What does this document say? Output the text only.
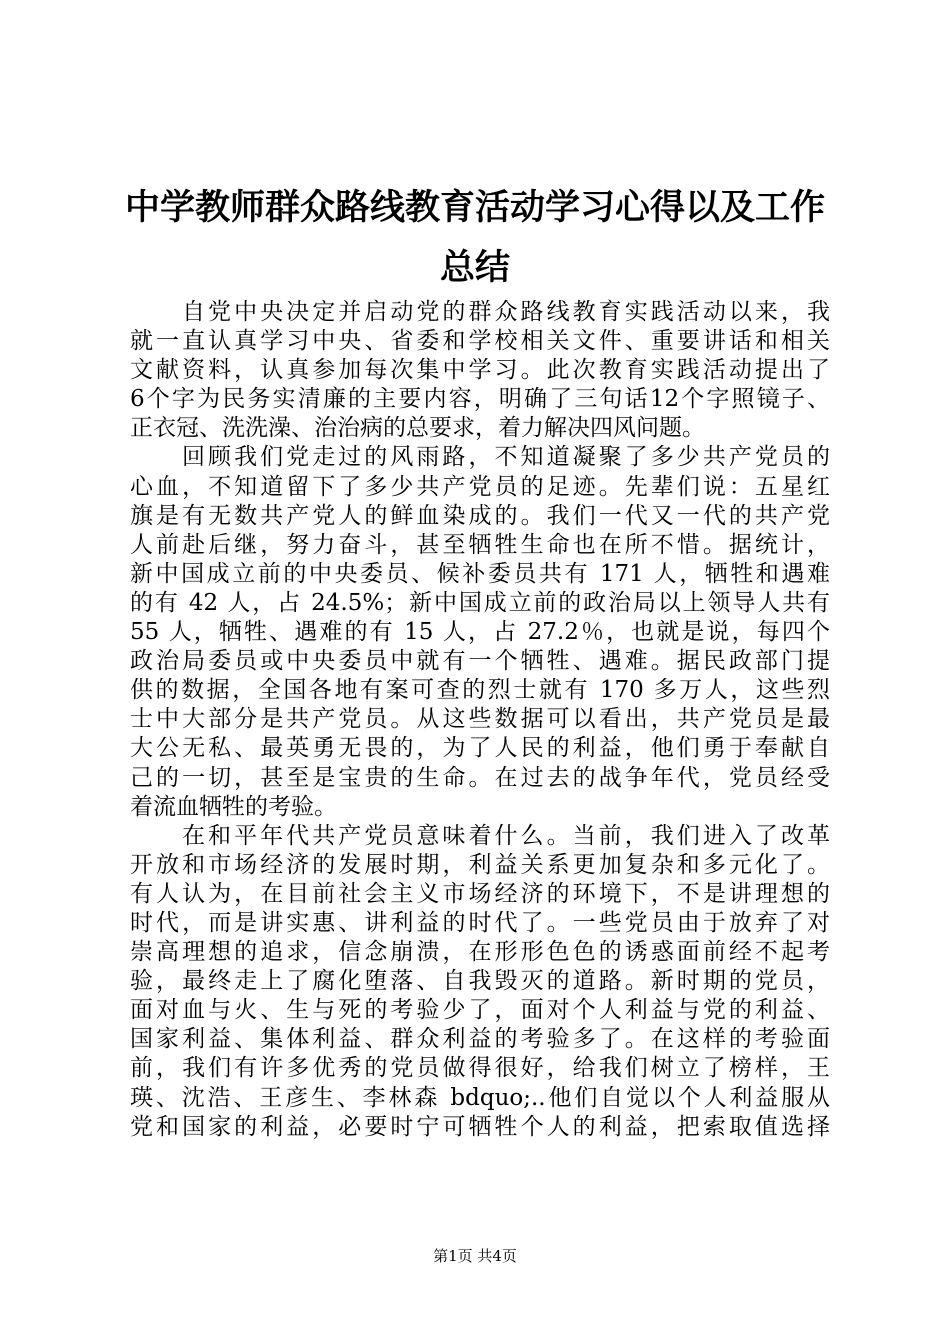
中学教师群众路线教育活动学习心得以及工作
总结
自党中央决定并启动党的群众路线教育实践活动以来，我
就一直认真学习中央、省委和学校相关文件、重要讲话和相关
文献资料，认真参加每次集中学习。此次教育实践活动提出了
6个字为民务实清廉的主要内容，明确了三句话12个字照镜子、
正衣冠、洗洗澡、治治病的总要求，着力解决四风问题。
回顾我们党走过的风雨路，不知道凝聚了多少共产党员的
心血，不知道留下了多少共产党员的足迹。先辈们说：五星红
旗是有无数共产党人的鲜血染成的。我们一代又一代的共产党
人前赴后继，努力奋斗，甚至牺牲生命也在所不惜。据统计，
新中国成立前的中央委员、候补委员共有 171 人，牺牲和遇难
的有 42 人，占 24.5%；新中国成立前的政治局以上领导人共有
55 人，牺牲、遇难的有 15 人，占 27.2％，也就是说，每四个
政治局委员或中央委员中就有一个牺牲、遇难。据民政部门提
供的数据，全国各地有案可查的烈士就有 170 多万人，这些烈
士中大部分是共产党员。从这些数据可以看出，共产党员是最
大公无私、最英勇无畏的，为了人民的利益，他们勇于奉献自
己的一切，甚至是宝贵的生命。在过去的战争年代，党员经受
着流血牺牲的考验。
在和平年代共产党员意味着什么。当前，我们进入了改革
开放和市场经济的发展时期，利益关系更加复杂和多元化了。
有人认为，在目前社会主义市场经济的环境下，不是讲理想的
时代，而是讲实惠、讲利益的时代了。一些党员由于放弃了对
崇高理想的追求，信念崩溃，在形形色色的诱惑面前经不起考
验，最终走上了腐化堕落、自我毁灭的道路。新时期的党员，
面对血与火、生与死的考验少了，面对个人利益与党的利益、
国家利益、集体利益、群众利益的考验多了。在这样的考验面
前，我们有许多优秀的党员做得很好，给我们树立了榜样，王
瑛、沈浩、王彦生、李林森 bdquo;..他们自觉以个人利益服从
党和国家的利益，必要时宁可牺牲个人的利益，把索取值选择
第1页 共4页
